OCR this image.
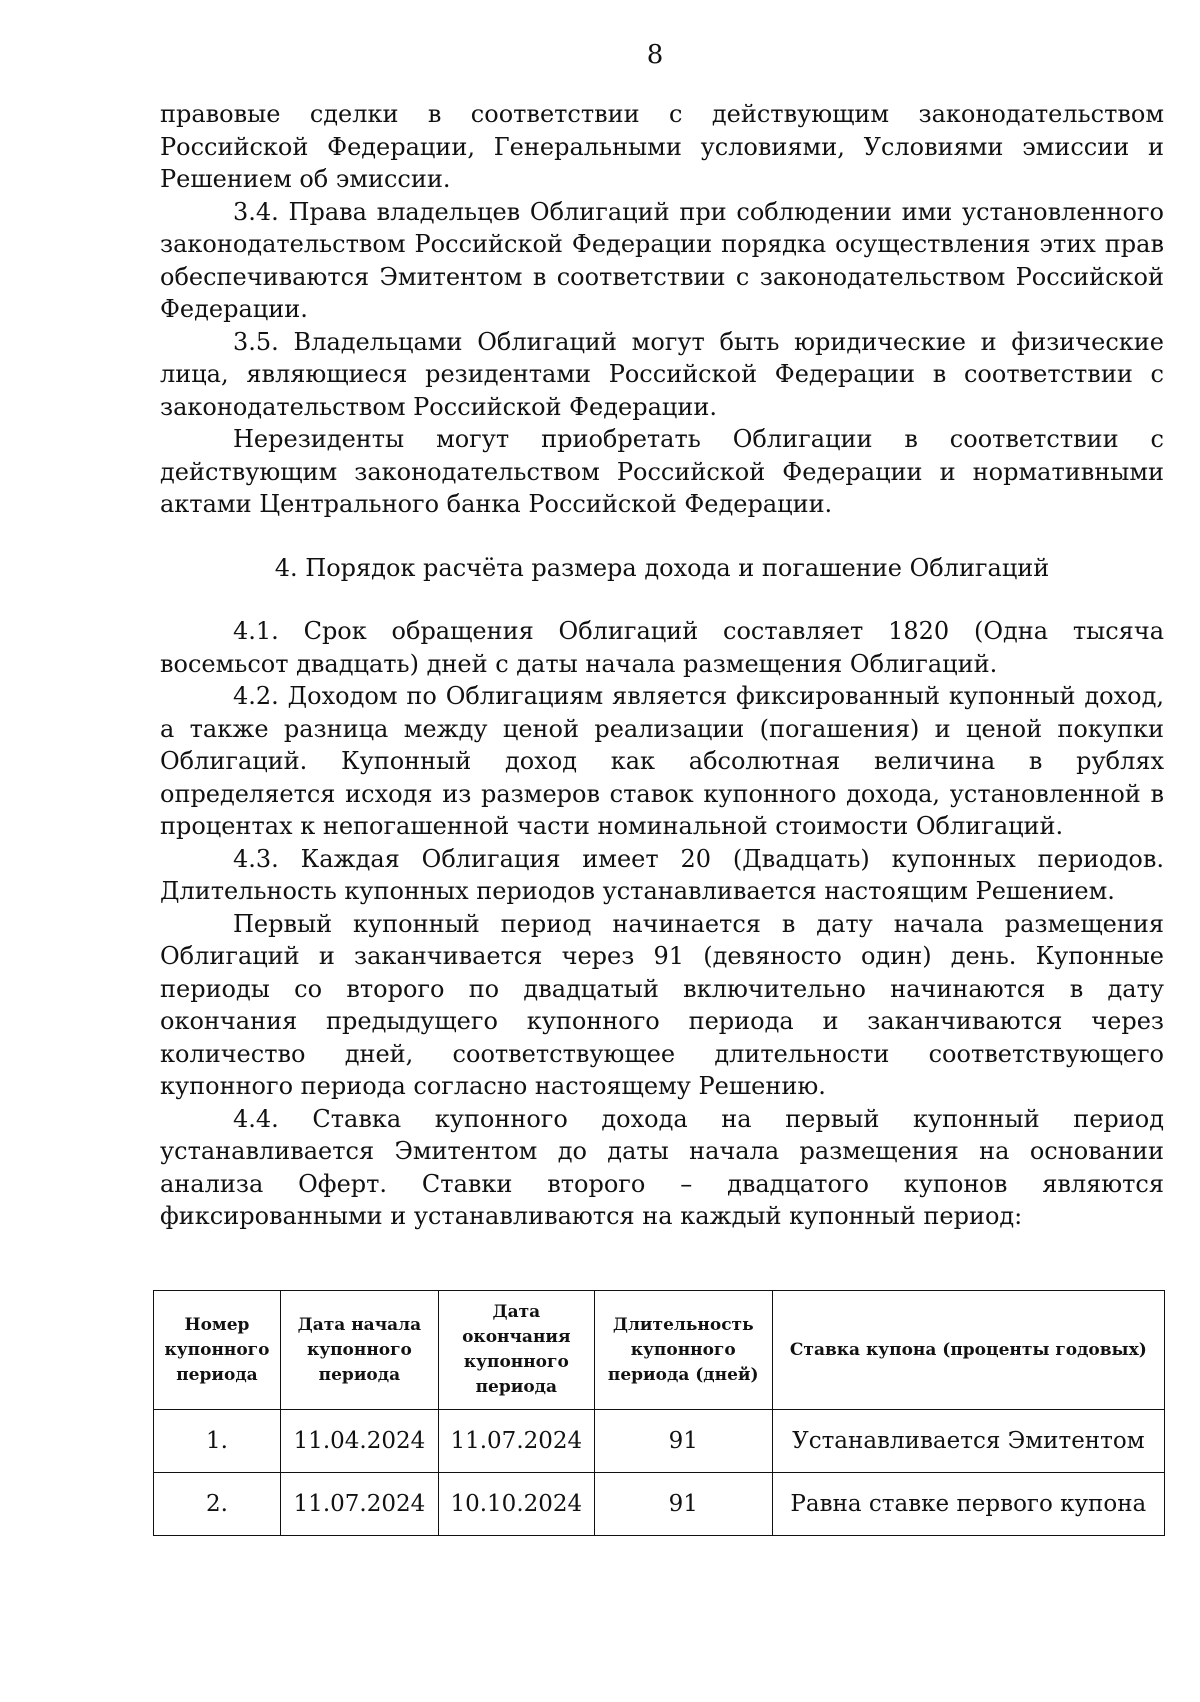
8

правовые сделки в соответствии с действующим законодательством Российской Федерации, Генеральными условиями, Условиями эмиссии и Решением об эмиссии.

3.4. Права владельцев Облигаций при соблюдении ими установленного законодательством Российской Федерации порядка осуществления этих прав обеспечиваются Эмитентом в соответствии с законодательством Российской Федерации.

3.5. Владельцами Облигаций могут быть юридические и физические лица, являющиеся резидентами Российской Федерации в соответствии с законодательством Российской Федерации.

Нерезиденты могут приобретать Облигации в соответствии с действующим законодательством Российской Федерации и нормативными актами Центрального банка Российской Федерации.

4. Порядок расчёта размера дохода и погашение Облигаций

4.1. Срок обращения Облигаций составляет 1820 (Одна тысяча восемьсот двадцать) дней с даты начала размещения Облигаций.

4.2. Доходом по Облигациям является фиксированный купонный доход, а также разница между ценой реализации (погашения) и ценой покупки Облигаций. Купонный доход как абсолютная величина в рублях определяется исходя из размеров ставок купонного дохода, установленной в процентах к непогашенной части номинальной стоимости Облигаций.

4.3. Каждая Облигация имеет 20 (Двадцать) купонных периодов. Длительность купонных периодов устанавливается настоящим Решением.

Первый купонный период начинается в дату начала размещения Облигаций и заканчивается через 91 (девяносто один) день. Купонные периоды со второго по двадцатый включительно начинаются в дату окончания предыдущего купонного периода и заканчиваются через количество дней, соответствующее длительности соответствующего купонного периода согласно настоящему Решению.

4.4. Ставка купонного дохода на первый купонный период устанавливается Эмитентом до даты начала размещения на основании анализа Оферт. Ставки второго – двадцатого купонов являются фиксированными и устанавливаются на каждый купонный период:

Номер купонного периода	Дата начала купонного периода	Дата окончания купонного периода	Длительность купонного периода (дней)	Ставка купона (проценты годовых)
1.	11.04.2024	11.07.2024	91	Устанавливается Эмитентом
2.	11.07.2024	10.10.2024	91	Равна ставке первого купона
